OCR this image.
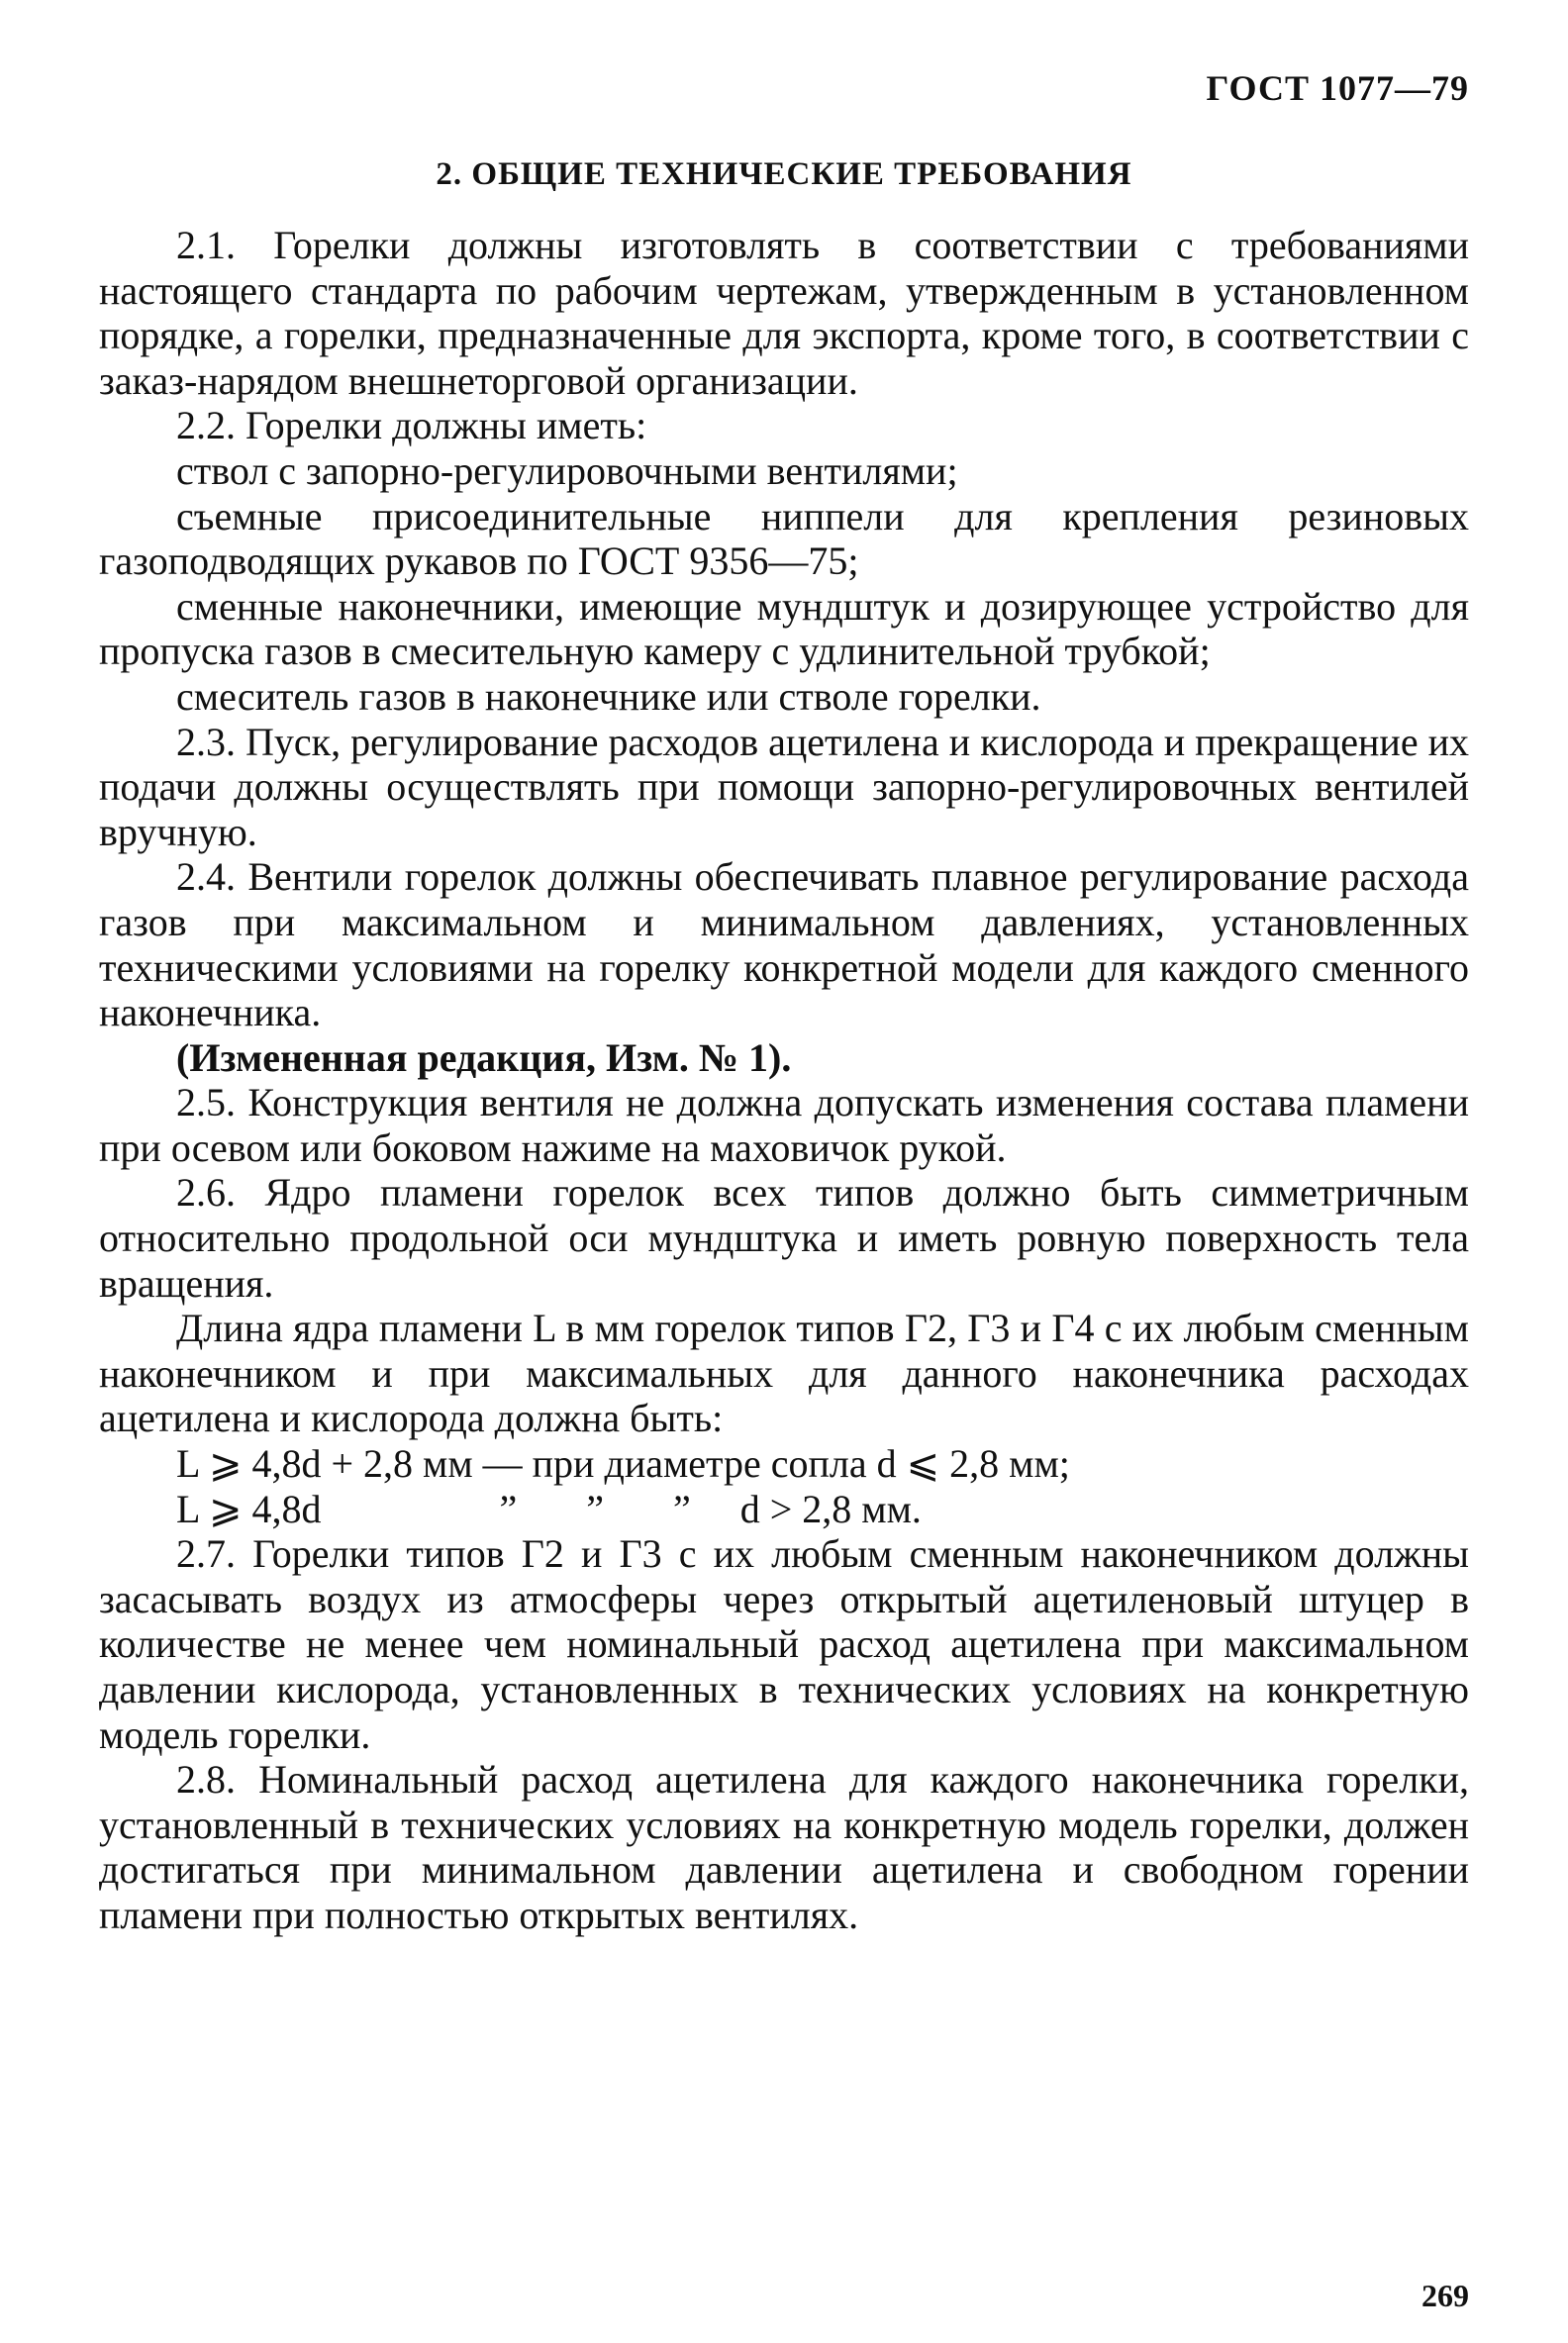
ГОСТ 1077—79
2. ОБЩИЕ ТЕХНИЧЕСКИЕ ТРЕБОВАНИЯ

2.1. Горелки должны изготовлять в соответствии с требованиями настоящего стандарта по рабочим чертежам, утвержденным в установленном порядке, а горелки, предназначенные для экспорта, кроме того, в соответствии с заказ-нарядом внешнеторговой организации.

2.2. Горелки должны иметь:

ствол с запорно-регулировочными вентилями;

съемные присоединительные ниппели для крепления резиновых газоподводящих рукавов по ГОСТ 9356—75;

сменные наконечники, имеющие мундштук и дозирующее устройство для пропуска газов в смесительную камеру с удлинительной трубкой;

смеситель газов в наконечнике или стволе горелки.

2.3. Пуск, регулирование расходов ацетилена и кислорода и прекращение их подачи должны осуществлять при помощи запорно-регулировочных вентилей вручную.

2.4. Вентили горелок должны обеспечивать плавное регулирование расхода газов при максимальном и минимальном давлениях, установленных техническими условиями на горелку конкретной модели для каждого сменного наконечника.

(Измененная редакция, Изм. № 1).

2.5. Конструкция вентиля не должна допускать изменения состава пламени при осевом или боковом нажиме на маховичок рукой.

2.6. Ядро пламени горелок всех типов должно быть симметричным относительно продольной оси мундштука и иметь ровную поверхность тела вращения.

Длина ядра пламени L в мм горелок типов Г2, Г3 и Г4 с их любым сменным наконечником и при максимальных для данного наконечника расходах ацетилена и кислорода должна быть:

L ⩾ 4,8d + 2,8 мм — при диаметре сопла d ⩽ 2,8 мм;
L ⩾ 4,8d                  ”       ”       ”     d > 2,8 мм.

2.7. Горелки типов Г2 и Г3 с их любым сменным наконечником должны засасывать воздух из атмосферы через открытый ацетиленовый штуцер в количестве не менее чем номинальный расход ацетилена при максимальном давлении кислорода, установленных в технических условиях на конкретную модель горелки.

2.8. Номинальный расход ацетилена для каждого наконечника горелки, установленный в технических условиях на конкретную модель горелки, должен достигаться при минимальном давлении ацетилена и свободном горении пламени при полностью открытых вентилях.

269
